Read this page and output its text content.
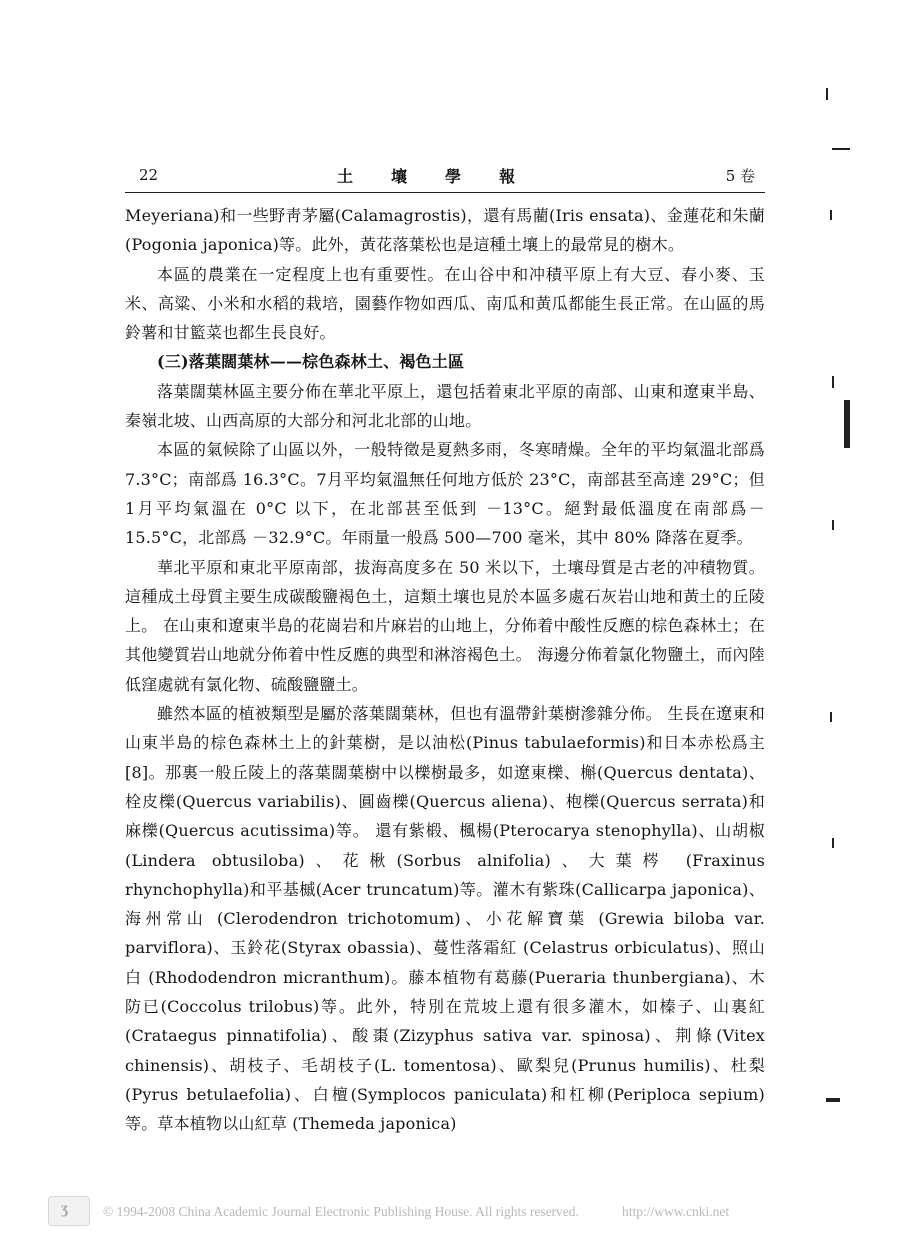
22	土壤學報	5 卷

Meyeriana)和一些野靑茅屬(Calamagrostis)，還有馬藺(Iris ensata)、金蓮花和朱蘭(Pogonia japonica)等。此外，黃花落葉松也是這種土壤上的最常見的樹木。

本區的農業在一定程度上也有重要性。在山谷中和冲積平原上有大豆、春小麥、玉米、高粱、小米和水稻的栽培，園藝作物如西瓜、南瓜和黃瓜都能生長正常。在山區的馬鈴薯和甘籃菜也都生長良好。

(三)落葉闊葉林——棕色森林土、褐色土區

落葉闊葉林區主要分佈在華北平原上，還包括着東北平原的南部、山東和遼東半島、秦嶺北坡、山西高原的大部分和河北北部的山地。

本區的氣候除了山區以外，一般特徵是夏熱多雨，冬寒晴燥。全年的平均氣溫北部爲 7.3°C；南部爲 16.3°C。7月平均氣溫無任何地方低於 23°C，南部甚至高達 29°C；但1月平均氣溫在 0°C 以下，在北部甚至低到 －13°C。絕對最低溫度在南部爲－15.5°C，北部爲 －32.9°C。年雨量一般爲 500—700 毫米，其中 80% 降落在夏季。

華北平原和東北平原南部，拔海高度多在 50 米以下，土壤母質是古老的冲積物質。這種成土母質主要生成碳酸鹽褐色土，這類土壤也見於本區多處石灰岩山地和黃土的丘陵上。 在山東和遼東半島的花崗岩和片麻岩的山地上，分佈着中酸性反應的棕色森林土；在其他變質岩山地就分佈着中性反應的典型和淋溶褐色土。 海邊分佈着氯化物鹽土，而內陸低窪處就有氯化物、硫酸鹽鹽土。

雖然本區的植被類型是屬於落葉闊葉林，但也有溫帶針葉樹滲雜分佈。 生長在遼東和山東半島的棕色森林土上的針葉樹，是以油松(Pinus tabulaeformis)和日本赤松爲主[8]。那裏一般丘陵上的落葉闊葉樹中以櫟樹最多，如遼東櫟、槲(Quercus dentata)、栓皮櫟(Quercus variabilis)、圓齒櫟(Quercus aliena)、枹櫟(Quercus serrata)和麻櫟(Quercus acutissima)等。 還有紫椴、楓楊(Pterocarya stenophylla)、山胡椒(Lindera obtusiloba)、花楸(Sorbus alnifolia)、大葉梣 (Fraxinus rhynchophylla)和平基槭(Acer truncatum)等。灌木有紫珠(Callicarpa japonica)、海州常山 (Clerodendron trichotomum)、小花解寶葉 (Grewia biloba var. parviflora)、玉鈴花(Styrax obassia)、蔓性落霜紅 (Celastrus orbiculatus)、照山白 (Rhododendron micranthum)。藤本植物有葛藤(Pueraria thunbergiana)、木防已(Coccolus trilobus)等。此外，特別在荒坡上還有很多灌木，如榛子、山裏紅(Crataegus pinnatifolia)、酸棗(Zizyphus sativa var. spinosa)、荆條(Vitex chinensis)、胡枝子、毛胡枝子(L. tomentosa)、歐梨兒(Prunus humilis)、杜梨(Pyrus betulaefolia)、白檀(Symplocos paniculata)和杠柳(Periploca sepium)等。草本植物以山紅草 (Themeda japonica)

ʒ	© 1994-2008 China Academic Journal Electronic Publishing House. All rights reserved.	http://www.cnki.net
